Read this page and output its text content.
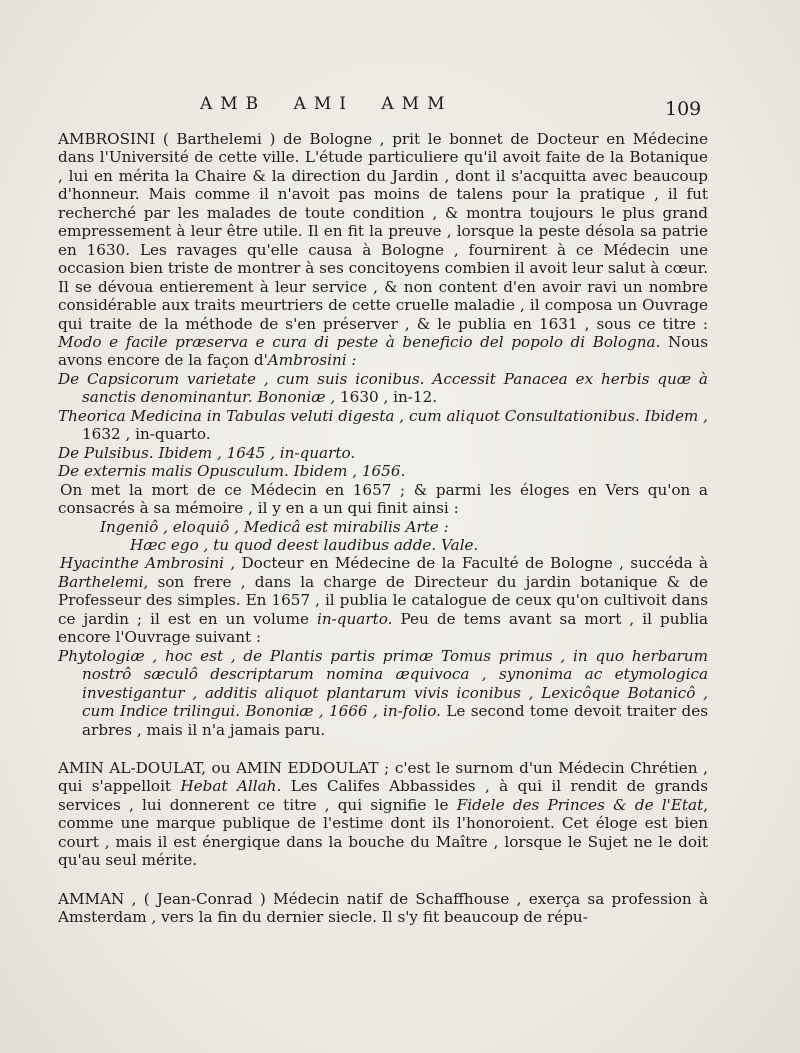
AMB AMI AMM	109

AMBROSINI ( Barthelemi ) de Bologne , prit le bonnet de Docteur en Médecine dans l'Université de cette ville. L'étude particuliere qu'il avoit faite de la Botanique , lui en mérita la Chaire & la direction du Jardin , dont il s'acquitta avec beaucoup d'honneur. Mais comme il n'avoit pas moins de talens pour la pratique , il fut recherché par les malades de toute condition , & montra toujours le plus grand empressement à leur être utile. Il en fit la preuve , lorsque la peste désola sa patrie en 1630. Les ravages qu'elle causa à Bologne , fournirent à ce Médecin une occasion bien triste de montrer à ses concitoyens combien il avoit leur salut à cœur. Il se dévoua entierement à leur service , & non content d'en avoir ravi un nombre considérable aux traits meurtriers de cette cruelle maladie , il composa un Ouvrage qui traite de la méthode de s'en préserver , & le publia en 1631 , sous ce titre : Modo e facile præserva e cura di peste à beneficio del popolo di Bologna. Nous avons encore de la façon d'Ambrosini :

De Capsicorum varietate , cum suis iconibus. Accessit Panacea ex herbis quæ à sanctis denominantur. Bononiæ , 1630 , in-12.

Theorica Medicina in Tabulas veluti digesta , cum aliquot Consultationibus. Ibidem , 1632 , in-quarto.

De Pulsibus. Ibidem , 1645 , in-quarto.

De externis malis Opusculum. Ibidem , 1656.

On met la mort de ce Médecin en 1657 ; & parmi les éloges en Vers qu'on a consacrés à sa mémoire , il y en a un qui finit ainsi :

Ingeniô , eloquiô , Medicâ est mirabilis Arte :

Hæc ego , tu quod deest laudibus adde. Vale.

Hyacinthe Ambrosini , Docteur en Médecine de la Faculté de Bologne , succéda à Barthelemi, son frere , dans la charge de Directeur du jardin botanique & de Professeur des simples. En 1657 , il publia le catalogue de ceux qu'on cultivoit dans ce jardin ; il est en un volume in-quarto. Peu de tems avant sa mort , il publia encore l'Ouvrage suivant :

Phytologiæ , hoc est , de Plantis partis primæ Tomus primus , in quo herbarum nostrô sæculô descriptarum nomina æquivoca , synonima ac etymologica investigantur , additis aliquot plantarum vivis iconibus , Lexicôque Botanicô , cum Indice trilingui. Bononiæ , 1666 , in-folio. Le second tome devoit traiter des arbres , mais il n'a jamais paru.

AMIN AL-DOULAT, ou AMIN EDDOULAT ; c'est le surnom d'un Médecin Chrétien , qui s'appelloit Hebat Allah. Les Califes Abbassides , à qui il rendit de grands services , lui donnerent ce titre , qui signifie le Fidele des Princes & de l'Etat, comme une marque publique de l'estime dont ils l'honoroient. Cet éloge est bien court , mais il est énergique dans la bouche du Maître , lorsque le Sujet ne le doit qu'au seul mérite.

AMMAN , ( Jean-Conrad ) Médecin natif de Schaffhouse , exerça sa profession à Amsterdam , vers la fin du dernier siecle. Il s'y fit beaucoup de répu-
